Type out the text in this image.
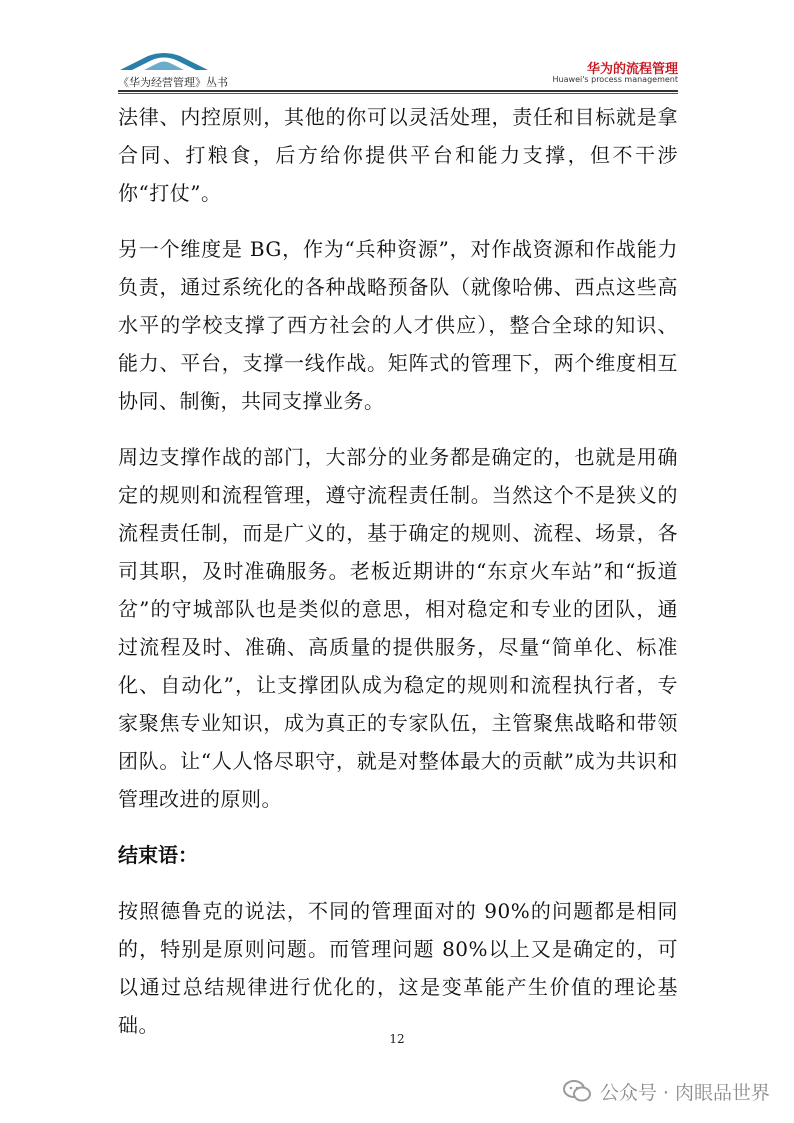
《华为经营管理》丛书
华为的流程管理
Huawei's process management

法律、内控原则，其他的你可以灵活处理，责任和目标就是拿合同、打粮食，后方给你提供平台和能力支撑，但不干涉你“打仗”。

另一个维度是 BG，作为“兵种资源”，对作战资源和作战能力负责，通过系统化的各种战略预备队（就像哈佛、西点这些高水平的学校支撑了西方社会的人才供应），整合全球的知识、能力、平台，支撑一线作战。矩阵式的管理下，两个维度相互协同、制衡，共同支撑业务。

周边支撑作战的部门，大部分的业务都是确定的，也就是用确定的规则和流程管理，遵守流程责任制。当然这个不是狭义的流程责任制，而是广义的，基于确定的规则、流程、场景，各司其职，及时准确服务。老板近期讲的“东京火车站”和“扳道岔”的守城部队也是类似的意思，相对稳定和专业的团队，通过流程及时、准确、高质量的提供服务，尽量“简单化、标准化、自动化”，让支撑团队成为稳定的规则和流程执行者，专家聚焦专业知识，成为真正的专家队伍，主管聚焦战略和带领团队。让“人人恪尽职守，就是对整体最大的贡献”成为共识和管理改进的原则。

结束语：

按照德鲁克的说法，不同的管理面对的 90%的问题都是相同的，特别是原则问题。而管理问题 80%以上又是确定的，可以通过总结规律进行优化的，这是变革能产生价值的理论基础。

12
公众号 · 肉眼品世界
